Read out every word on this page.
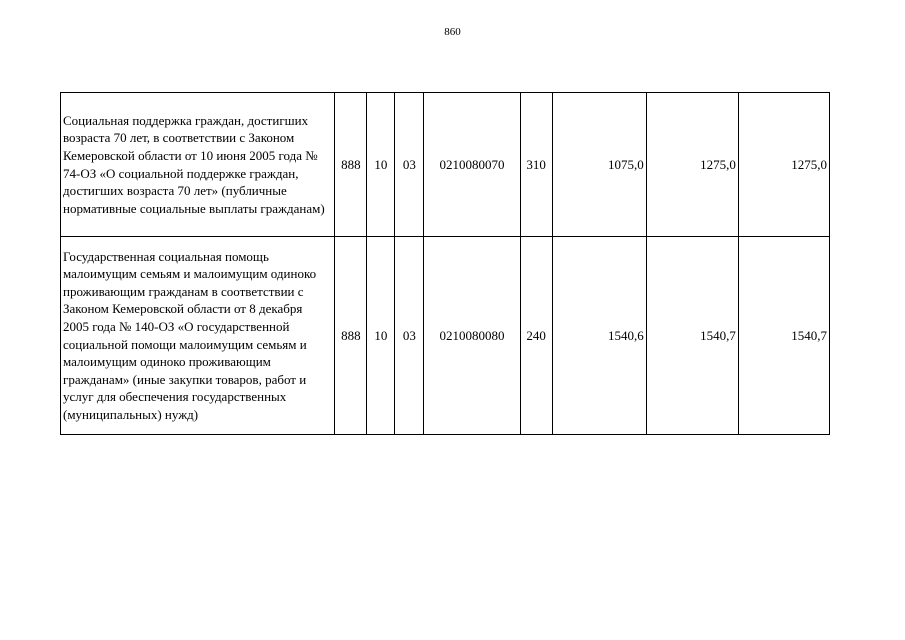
860
Социальная поддержка граждан, достигших возраста 70 лет, в соответствии с Законом Кемеровской области от 10 июня 2005 года № 74-ОЗ «О социальной поддержке граждан, достигших возраста 70 лет» (публичные нормативные социальные выплаты гражданам)	888	10	03	0210080070	310	1075,0	1275,0	1275,0
Государственная социальная помощь малоимущим семьям и малоимущим одиноко проживающим гражданам в соответствии с Законом Кемеровской области от 8 декабря 2005 года № 140-ОЗ «О государственной социальной помощи малоимущим семьям и малоимущим одиноко проживающим гражданам» (иные закупки товаров, работ и услуг для обеспечения государственных (муниципальных) нужд)	888	10	03	0210080080	240	1540,6	1540,7	1540,7
